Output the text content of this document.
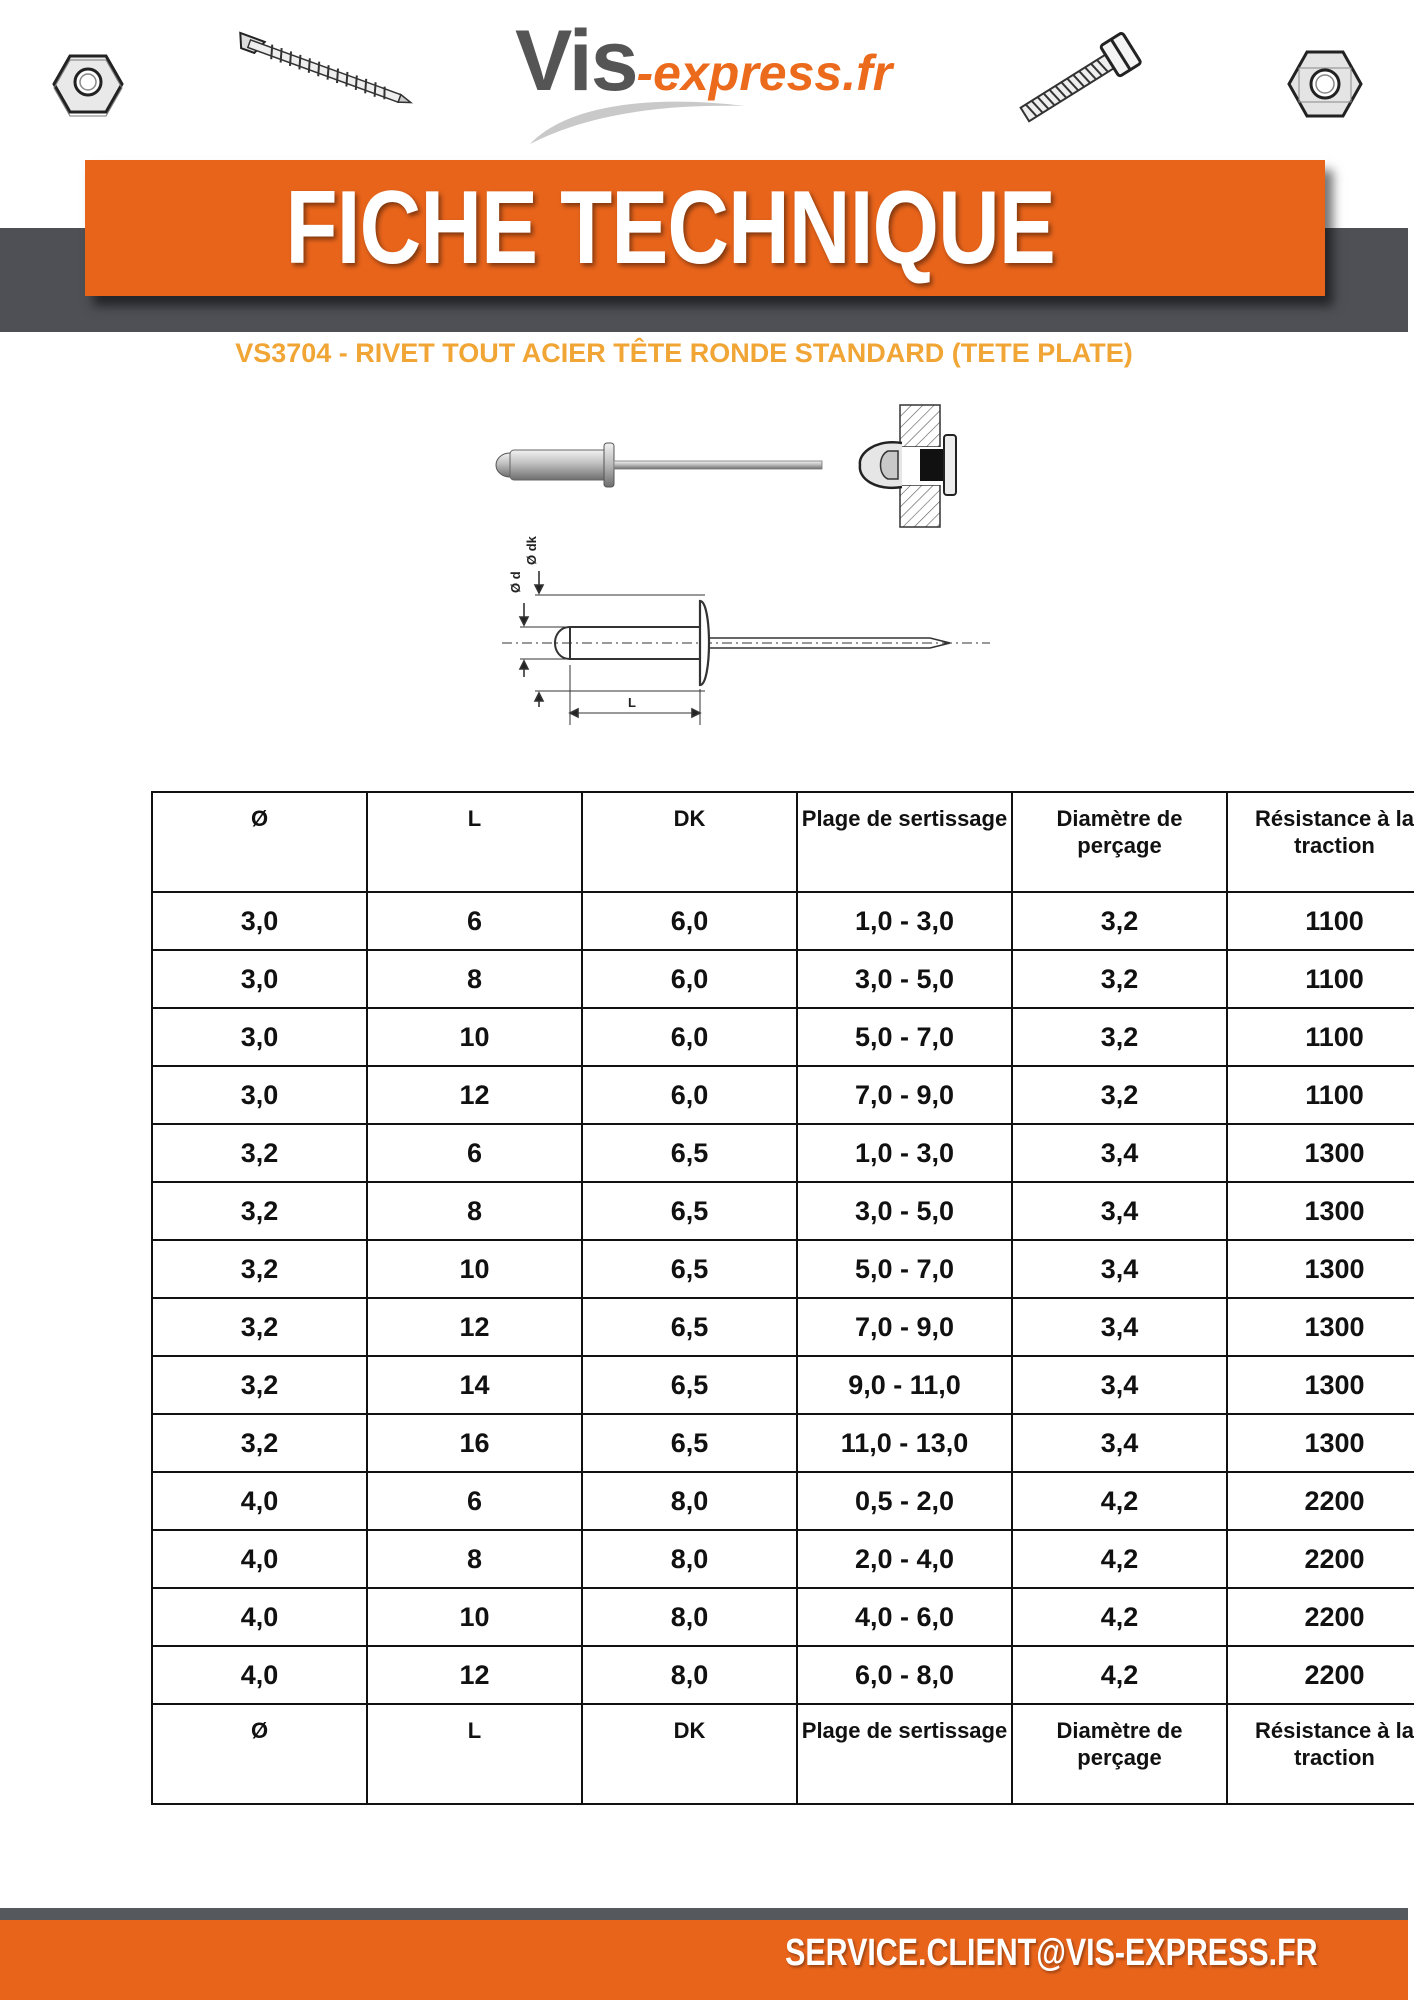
Vis-express.fr
FICHE TECHNIQUE
VS3704 - RIVET TOUT ACIER TÊTE RONDE STANDARD (TETE PLATE)
Ø d
Ø dk
L
Ø	L	DK	Plage de sertissage	Diamètre de perçage	Résistance à la traction
3,0	6	6,0	1,0 - 3,0	3,2	1100
3,0	8	6,0	3,0 - 5,0	3,2	1100
3,0	10	6,0	5,0 - 7,0	3,2	1100
3,0	12	6,0	7,0 - 9,0	3,2	1100
3,2	6	6,5	1,0 - 3,0	3,4	1300
3,2	8	6,5	3,0 - 5,0	3,4	1300
3,2	10	6,5	5,0 - 7,0	3,4	1300
3,2	12	6,5	7,0 - 9,0	3,4	1300
3,2	14	6,5	9,0 - 11,0	3,4	1300
3,2	16	6,5	11,0 - 13,0	3,4	1300
4,0	6	8,0	0,5 - 2,0	4,2	2200
4,0	8	8,0	2,0 - 4,0	4,2	2200
4,0	10	8,0	4,0 - 6,0	4,2	2200
4,0	12	8,0	6,0 - 8,0	4,2	2200
Ø	L	DK	Plage de sertissage	Diamètre de perçage	Résistance à la traction
SERVICE.CLIENT@VIS-EXPRESS.FR
